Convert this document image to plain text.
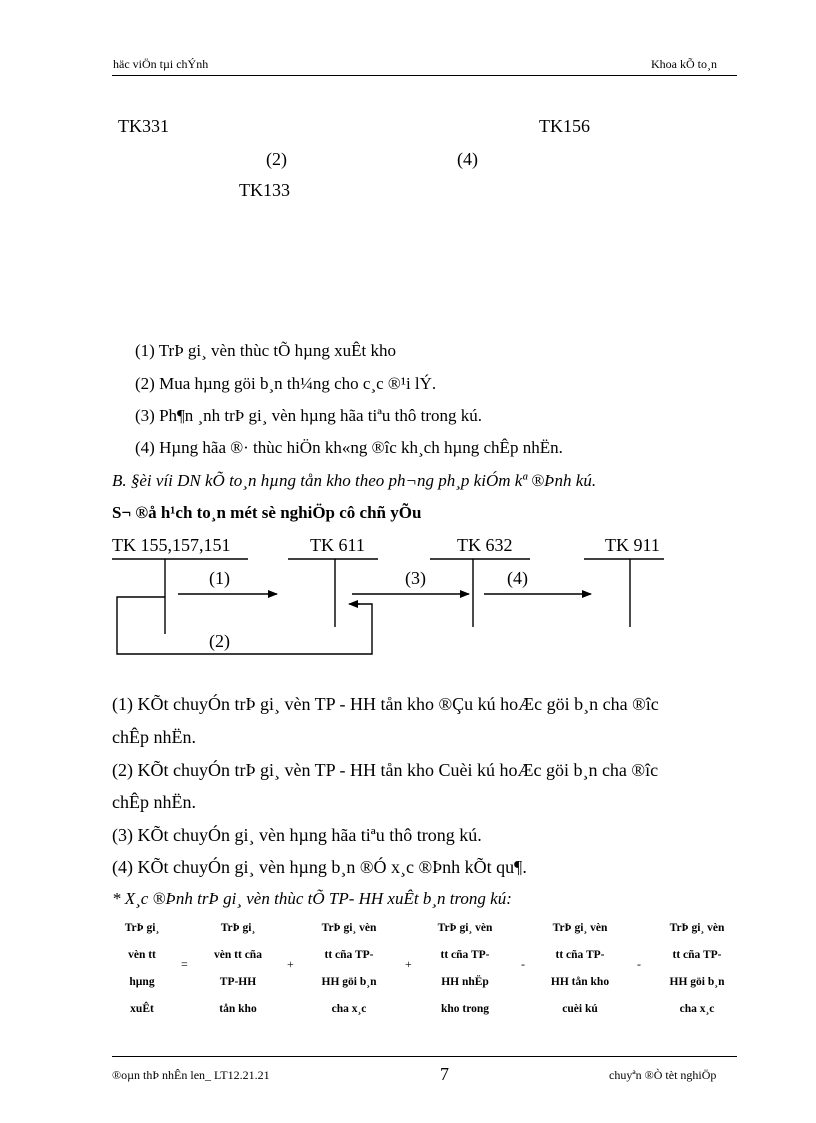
häc viÖn tµi chÝnh	Khoa kÕ to¸n
TK331	TK156
(2)	(4)
TK133
(1) TrÞ gi¸ vèn thùc tÕ hµng xuÊt kho
(2) Mua hµng göi b¸n th¼ng cho c¸c ®¹i lÝ.
(3) Ph¶n ¸nh trÞ gi¸ vèn hµng hãa tiªu thô trong kú.
(4) Hµng hãa ®· thùc hiÖn kh«ng ®îc kh¸ch hµng chÊp nhËn.
B. §èi víi DN kÕ to¸n hµng tån kho theo ph¬ng ph¸p kiÓm kª ®Þnh kú.
S¬ ®å h¹ch to¸n mét sè nghiÖp cô chñ yÕu
TK 155,157,151	TK 611	TK 632	TK 911
(1)	(3)	(4)
(2)
(1) KÕt chuyÓn trÞ gi¸ vèn TP - HH tån kho ®Çu kú hoÆc göi b¸n cha ®îc
chÊp nhËn.
(2) KÕt chuyÓn trÞ gi¸ vèn TP - HH tån kho Cuèi kú hoÆc göi b¸n cha ®îc
chÊp nhËn.
(3) KÕt chuyÓn gi¸ vèn hµng hãa tiªu thô trong kú.
(4) KÕt chuyÓn gi¸ vèn hµng b¸n ®Ó x¸c ®Þnh kÕt qu¶.
* X¸c ®Þnh trÞ gi¸ vèn thùc tÕ TP- HH xuÊt b¸n trong kú:
TrÞ gi¸
vèn tt
hµng
xuÊt
=
TrÞ gi¸
vèn tt cña
TP-HH
tån kho
+
TrÞ gi¸ vèn
tt cña TP-
HH göi b¸n
cha x¸c
+
TrÞ gi¸ vèn
tt cña TP-
HH nhËp
kho trong
-
TrÞ gi¸ vèn
tt cña TP-
HH tån kho
cuèi kú
-
TrÞ gi¸ vèn
tt cña TP-
HH göi b¸n
cha x¸c
®oµn thÞ nhÊn len_ LT12.21.21	7	chuyªn ®Ò tèt nghiÖp
